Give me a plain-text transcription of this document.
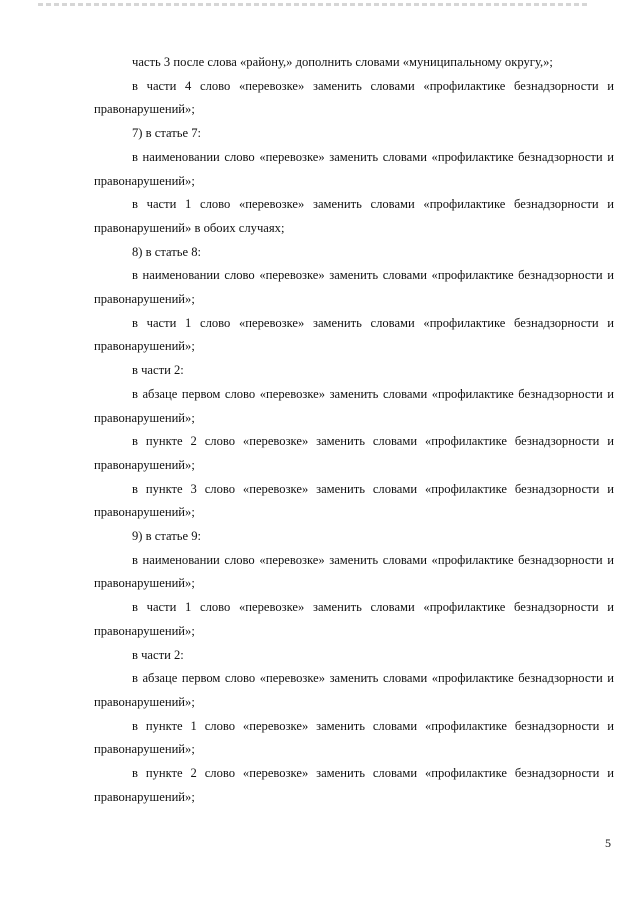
часть 3 после слова «району,» дополнить словами «муниципальному округу,»;

в части 4 слово «перевозке» заменить словами «профилактике безнадзорности и правонарушений»;

7) в статье 7:

в наименовании слово «перевозке» заменить словами «профилактике безнадзорности и правонарушений»;

в части 1 слово «перевозке» заменить словами «профилактике безнадзорности и правонарушений» в обоих случаях;

8) в статье 8:

в наименовании слово «перевозке» заменить словами «профилактике безнадзорности и правонарушений»;

в части 1 слово «перевозке» заменить словами «профилактике безнадзорности и правонарушений»;

в части 2:

в абзаце первом слово «перевозке» заменить словами «профилактике безнадзорности и правонарушений»;

в пункте 2 слово «перевозке» заменить словами «профилактике безнадзорности и правонарушений»;

в пункте 3 слово «перевозке» заменить словами «профилактике безнадзорности и правонарушений»;

9) в статье 9:

в наименовании слово «перевозке» заменить словами «профилактике безнадзорности и правонарушений»;

в части 1 слово «перевозке» заменить словами «профилактике безнадзорности и правонарушений»;

в части 2:

в абзаце первом слово «перевозке» заменить словами «профилактике безнадзорности и правонарушений»;

в пункте 1 слово «перевозке» заменить словами «профилактике безнадзорности и правонарушений»;

в пункте 2 слово «перевозке» заменить словами «профилактике безнадзорности и правонарушений»;

5
